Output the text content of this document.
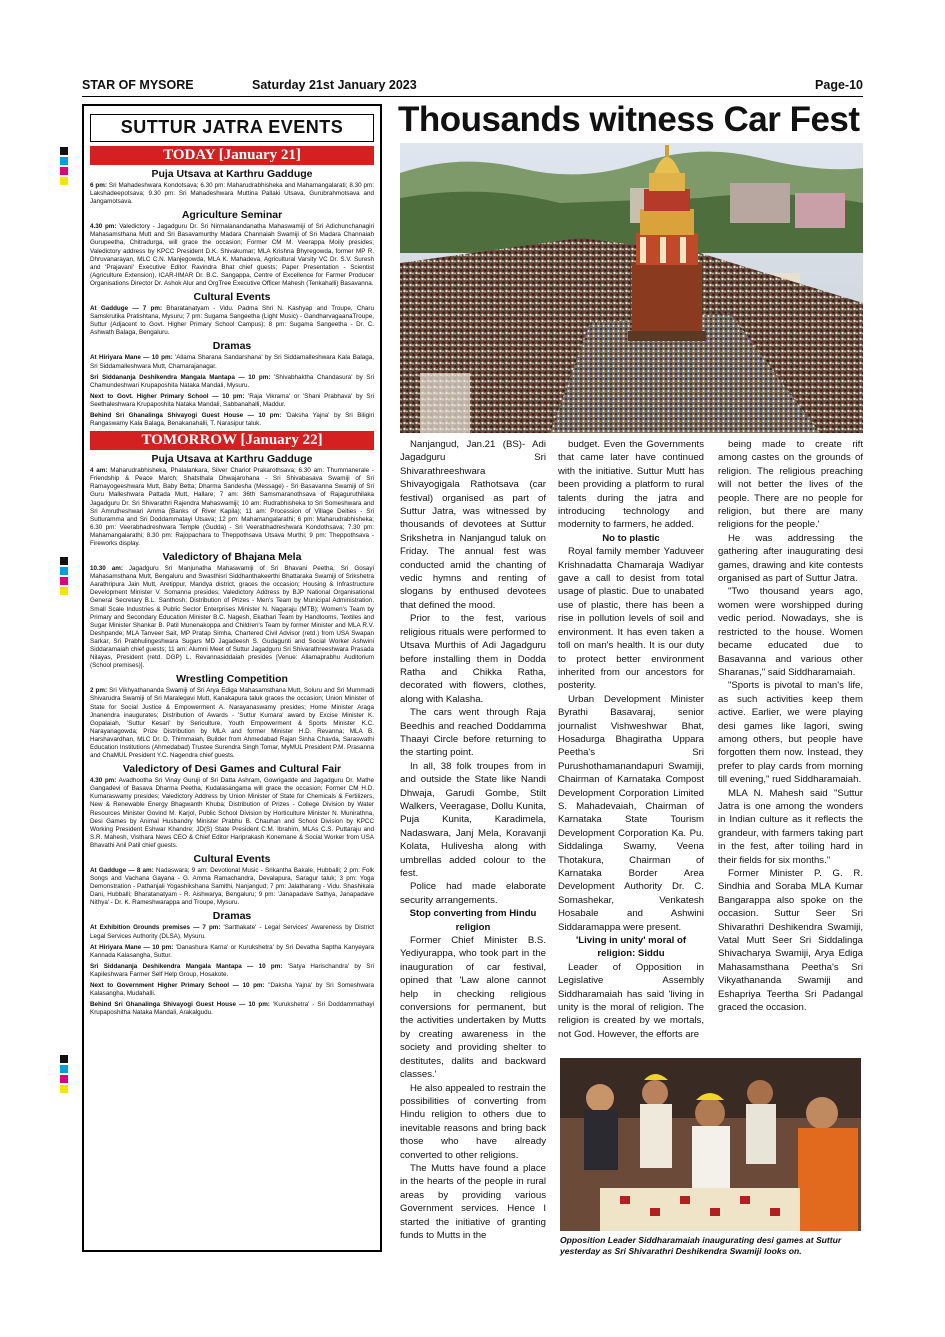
STAR OF MYSORE	Saturday 21st January 2023	Page-10
SUTTUR JATRA EVENTS
TODAY [January 21]
Puja Utsava at Karthru Gadduge
6 pm: Sri Mahadeshwara Kondotsava; 6.30 pm: Maharudrabhisheka and Mahamangalarati; 8.30 pm: Lakshadeepotsava; 9.30 pm: Sri Mahadeshwara Muttina Pallaki Utsava, Gurubrahmotsava and Jangamotsava.
Agriculture Seminar
4.30 pm: Valedictory - Jagadguru Dr. Sri Nirmalanandanatha Mahaswamiji of Sri Adichunchanagiri Mahasamsthana Mutt and Sri Basavamurthy Madara Channaiah Swamiji of Sri Madara Channaiah Gurupeetha, Chitradurga, will grace the occasion; Former CM M. Veerappa Moily presides; Valedictory address by KPCC President D.K. Shivakumar; MLA Krishna Bhyregowda, former MP R. Dhruvanarayan, MLC C.N. Manjegowda, MLA K. Mahadeva, Agricultural Varsity VC Dr. S.V. Suresh and 'Prajavani' Executive Editor Ravindra Bhat chief guests; Paper Presentation - Scientist (Agriculture Extension), ICAR-IIMAR Dr. B.C. Sangappa, Centre of Excellence for Farmer Producer Organisations Director Dr. Ashok Alur and OrgTree Executive Officer Mahesh (Tenkahalli) Basavanna.
Cultural Events
At Gadduge — 7 pm: Bharatanatyam - Vidu. Padma Shri N. Kashyap and Troupe, Charu Samskrutika Pratishtana, Mysuru; 7 pm: Sugama Sangeetha (Light Music) - GandharvagaanaTroupe, Suttur (Adjacent to Govt. Higher Primary School Campus); 8 pm: Sugama Sangeetha - Dr. C. Ashwath Balaga, Bengaluru.
Dramas
At Hiriyara Mane — 10 pm: 'Allama Sharana Sandarshana' by Sri Siddamalleshwara Kala Balaga, Sri Siddamalleshwara Mutt, Chamarajanagar.
Sri Siddananja Deshikendra Mangala Mantapa — 10 pm: 'Shivabhaktha Chandasura' by Sri Chamundeshwari Krupaposhita Nataka Mandali, Mysuru.
Next to Govt. Higher Primary School — 10 pm: 'Raja Vikrama' or 'Shani Prabhava' by Sri Seethaleshwara Krupaposhita Nataka Mandali, Sabbanahalli, Maddur.
Behind Sri Ghanalinga Shivayogi Guest House — 10 pm: 'Daksha Yajna' by Sri Biligiri Rangaswamy Kala Balaga, Benakanahalli, T. Narasipur taluk.
TOMORROW [January 22]
Puja Utsava at Karthru Gadduge
4 am: Maharudrabhisheka, Phalalankara, Silver Chariot Prakarothsava; 6.30 am: Thummanerale - Friendship & Peace March; Shatsthala Dhwajarohana - Sri Shivabasava Swamiji of Sri Ramayogeeshwara Mutt, Baby Betta; Dharma Sandesha (Message) - Sri Basavanna Swamiji of Sri Guru Malleshwara Pattada Mutt, Hallare; 7 am: 36th Samsmaranothsava of Rajaguruthilaka Jagadguru Dr. Sri Shivarathri Rajendra Mahaswamiji; 10 am: Rudrabhisheka to Sri Someshwara and Sri Amrutheshwari Amma (Banks of River Kapila); 11 am: Procession of Village Deities - Sri Sutturamma and Sri Doddammatayi Utsava; 12 pm: Mahamangalarathi; 6 pm: Maharudrabhisheka; 6.30 pm: Veerabhadreshwara Temple (Gudda) - Sri Veerabhadreshwara Kondothsava; 7.30 pm: Mahamangalarathi; 8.30 pm: Rajopachara to Theppothsava Utsava Murthi; 9 pm: Theppothsava - Fireworks display.
Valedictory of Bhajana Mela
10.30 am: Jagadguru Sri Manjunatha Mahaswamiji of Sri Bhavani Peetha, Sri Gosayi Mahasamsthana Mutt, Bengaluru and Swasthisri Siddhanthakeerthi Bhattaraka Swamiji of Srikshetra Aarathripura Jain Mutt, Aretippur, Mandya district, graces the occasion; Housing & Infrastructure Development Minister V. Somanna presides; Valedictory Address by BJP National Organisational General Secretary B.L. Santhosh; Distribution of Prizes - Men's Team by Municipal Administration, Small Scale Industries & Public Sector Enterprises Minister N. Nagaraju (MTB); Women's Team by Primary and Secondary Education Minister B.C. Nagesh, Ekathari Team by Handlooms, Textiles and Sugar Minister Shankar B. Patil Munenakoppa and Children's Team by former Minister and MLA R.V. Deshpande; MLA Tanveer Sait, MP Pratap Simha, Chartered Civil Advisor (retd.) from USA Swapan Sarkar, Sri Prabhulingeshwara Sugars MD Jagadeesh S. Gudagunti and Social Worker Ashwini Siddaramaiah chief guests; 11 am: Alumni Meet of Suttur Jagadguru Sri Shivarathreeshwara Prasada Nilayas, President (retd. DGP) L. Revannasiddaiah presides [Venue: Allamaprabhu Auditorium (School premises)].
Wrestling Competition
2 pm: Sri Vikhyathananda Swamiji of Sri Arya Ediga Mahasamsthana Mutt, Soluru and Sri Mummadi Shivarudra Swamiji of Sri Maralegavi Mutt, Kanakapura taluk graces the occasion; Union Minister of State for Social Justice & Empowerment A. Narayanaswamy presides; Home Minister Araga Jnanendra inaugurates; Distribution of Awards - 'Suttur Kumara' award by Excise Minister K. Gopalaiah, 'Suttur Kesari' by Sericulture, Youth Empowerment & Sports Minister K.C. Narayanagowda; Prize Distribution by MLA and former Minister H.D. Revanna; MLA B. Harshavardhan, MLC Dr. D. Thimmaiah, Builder from Ahmedabad Rajan Sinha Chavda, Saraswathi Education Institutions (Ahmedabad) Trustee Surendra Singh Tomar, MyMUL President P.M. Prasanna and ChaMUL President Y.C. Nagendra chief guests.
Valedictory of Desi Games and Cultural Fair
4.30 pm: Avadhootha Sri Vinay Guruji of Sri Datta Ashram, Gowrigadde and Jagadguru Dr. Mathe Gangadevi of Basava Dharma Peetha, Kudalasangama will grace the occasion; Former CM H.D. Kumaraswamy presides; Valedictory Address by Union Minister of State for Chemicals & Fertilizers, New & Renewable Energy Bhagwanth Khuba; Distribution of Prizes - College Division by Water Resources Minister Govind M. Karjol, Public School Division by Horticulture Minister N. Munirathna, Desi Games by Animal Husbandry Minister Prabhu B. Chauhan and School Division by KPCC Working President Eshwar Khandre; JD(S) State President C.M. Ibrahim, MLAs C.S. Puttaraju and S.R. Mahesh, Visthara News CEO & Chief Editor Hariprakash Konemane & Social Worker from USA Bhavathi Anil Patil chief guests.
Cultural Events
At Gadduge — 8 am: Nadaswara; 9 am: Devotional Music - Srikantha Bakale, Hubballi; 2 pm: Folk Songs and Vachana Gayana - G. Amma Ramachandra, Devalapura, Saragur taluk; 3 pm: Yoga Demonstration - Pathanjali Yogashikshana Samithi, Nanjangud; 7 pm: Jalatharang - Vidu. Shashikala Dani, Hubballi; Bharatanatyam - R. Aishwarya, Bengaluru; 9 pm: 'Janapadave Sathya, Janapadave Nithya' - Dr. K. Rameshwarappa and Troupe, Mysuru.
Dramas
At Exhibition Grounds premises — 7 pm: 'Sarthakate' - Legal Services' Awareness by District Legal Services Authority (DLSA), Mysuru.
At Hiriyara Mane — 10 pm: 'Danashura Karna' or Kurukshetra' by Sri Devatha Saptha Kanyeyara Kannada Kalasangha, Suttur.
Sri Siddananja Deshikendra Mangala Mantapa — 10 pm: 'Satya Harischandra' by Sri Kapileshwara Farmer Self Help Group, Hosakote.
Next to Government Higher Primary School — 10 pm: "Daksha Yajna' by Sri Someshwara Kalasangha, Mudahalli.
Behind Sri Ghanalinga Shivayogi Guest House — 10 pm: 'Kurukshetra' - Sri Doddammathayi Krupaposhitha Nataka Mandali, Arakalgudu.
Thousands witness Car Fest

Nanjangud, Jan.21 (BS)- Adi Jagadguru Sri Shivarathreeshwara Shivayogigala Rathotsava (car festival) organised as part of Suttur Jatra, was witnessed by thousands of devotees at Suttur Srikshetra in Nanjangud taluk on Friday. The annual fest was conducted amid the chanting of vedic hymns and renting of slogans by enthused devotees that defined the mood.

Prior to the fest, various religious rituals were performed to Utsava Murthis of Adi Jagadguru before installing them in Dodda Ratha and Chikka Ratha, decorated with flowers, clothes, along with Kalasha.

The cars went through Raja Beedhis and reached Doddamma Thaayi Circle before returning to the starting point.

In all, 38 folk troupes from in and outside the State like Nandi Dhwaja, Garudi Gombe, Stilt Walkers, Veeragase, Dollu Kunita, Puja Kunita, Karadimela, Nadaswara, Janj Mela, Koravanji Kolata, Hulivesha along with umbrellas added colour to the fest.

Police had made elaborate security arrangements.

Stop converting from Hindu religion

Former Chief Minister B.S. Yediyurappa, who took part in the inauguration of car festival, opined that 'Law alone cannot help in checking religious conversions for permanent, but the activities undertaken by Mutts by creating awareness in the society and providing shelter to destitutes, dalits and backward classes.'

He also appealed to restrain the possibilities of converting from Hindu religion to others due to inevitable reasons and bring back those who have already converted to other religions.

The Mutts have found a place in the hearts of the people in rural areas by providing various Government services. Hence I started the initiative of granting funds to Mutts in the

budget. Even the Governments that came later have continued with the initiative. Suttur Mutt has been providing a platform to rural talents during the jatra and introducing technology and modernity to farmers, he added.

No to plastic

Royal family member Yaduveer Krishnadatta Chamaraja Wadiyar gave a call to desist from total usage of plastic. Due to unabated use of plastic, there has been a rise in pollution levels of soil and environment. It has even taken a toll on man's health. It is our duty to protect better environment inherited from our ancestors for posterity.

Urban Development Minister Byrathi Basavaraj, senior journalist Vishweshwar Bhat, Hosadurga Bhagiratha Uppara Peetha's Sri Purushothamanandapuri Swamiji, Chairman of Karnataka Compost Development Corporation Limited S. Mahadevaiah, Chairman of Karnataka State Tourism Development Corporation Ka. Pu. Siddalinga Swamy, Veena Thotakura, Chairman of Karnataka Border Area Development Authority Dr. C. Somashekar, Venkatesh Hosabale and Ashwini Siddaramappa were present.

'Living in unity' moral of religion: Siddu

Leader of Opposition in Legislative Assembly Siddharamaiah has said 'living in unity is the moral of religion. The religion is created by we mortals, not God. However, the efforts are

being made to create rift among castes on the grounds of religion. The religious preaching will not better the lives of the people. There are no people for religion, but there are many religions for the people.'

He was addressing the gathering after inaugurating desi games, drawing and kite contests organised as part of Suttur Jatra.

"Two thousand years ago, women were worshipped during vedic period. Nowadays, she is restricted to the house. Women became educated due to Basavanna and various other Sharanas," said Siddharamaiah.

"Sports is pivotal to man's life, as such activities keep them active. Earlier, we were playing desi games like lagori, swing among others, but people have forgotten them now. Instead, they prefer to play cards from morning till evening," rued Siddharamaiah.

MLA N. Mahesh said "Suttur Jatra is one among the wonders in Indian culture as it reflects the grandeur, with farmers taking part in the fest, after toiling hard in their fields for six months."

Former Minister P. G. R. Sindhia and Soraba MLA Kumar Bangarappa also spoke on the occasion. Suttur Seer Sri Shivarathri Deshikendra Swamiji, Vatal Mutt Seer Sri Siddalinga Shivacharya Swamiji, Arya Ediga Mahasamsthana Peetha's Sri Vikyathananda Swamiji and Eshapriya Teertha Sri Padangal graced the occasion.

Opposition Leader Siddharamaiah inaugurating desi games at Suttur yesterday as Sri Shivarathri Deshikendra Swamiji looks on.
